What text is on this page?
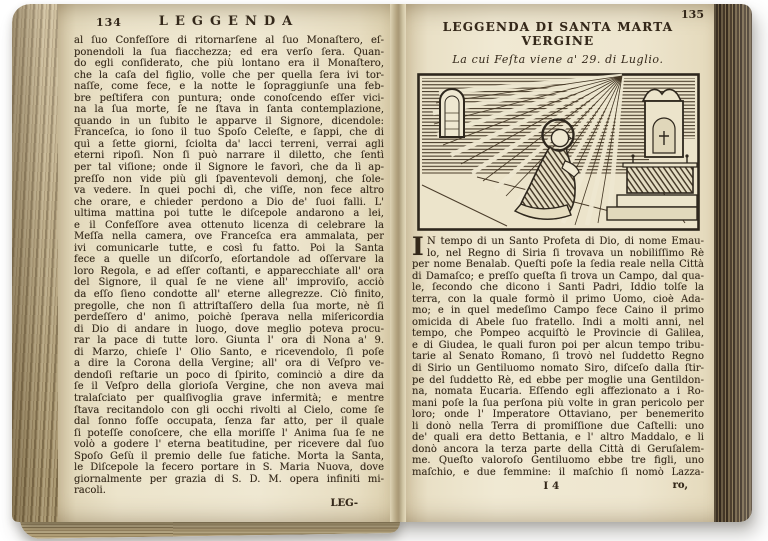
134	LEGGENDA
al ſuo Confeſſore di ritornarſene al ſuo Monaſtero, eſ-
ponendoli la ſua fiacchezza; ed era verſo ſera. Quan-
do egli conſiderato, che più lontano era il Monaſtero,
che la caſa del figlio, volle che per quella ſera ivi tor-
naſſe, come fece, e la notte le ſopraggiunſe una feb-
bre peſtifera con puntura; onde conoſcendo eſſer vici-
na la ſua morte, ſe ne ſtava in ſanta contemplazione,
quando in un ſubito le apparve il Signore, dicendole:
Franceſca, io ſono il tuo Spoſo Celeſte, e ſappi, che di
quì a ſette giorni, ſciolta da' lacci terreni, verrai agli
eterni ripoſi. Non ſi può narrare il diletto, che ſentì
per tal viſione; onde il Signore le favorì, che da lì ap-
preſſo non vide più gli ſpaventevoli demonj, che ſole-
va vedere. In quei pochi dì, che viſſe, non fece altro
che orare, e chieder perdono a Dio de' ſuoi falli. L'
ultima mattina poi tutte le diſcepole andarono a lei,
e il Confeſſore avea ottenuto licenza di celebrare la
Meſſa nella camera, ove Franceſca era ammalata, per
ivi comunicarle tutte, e così fu fatto. Poi la Santa
fece a quelle un diſcorſo, eſortandole ad oſſervare la
loro Regola, e ad eſſer coſtanti, e apparecchiate all' ora
del Signore, il qual ſe ne viene all' improviſo, acciò
da eſſo ſieno condotte all' eterne allegrezze. Ciò finito,
pregolle, che non ſi attriſtaſſero della ſua morte, nè ſi
perdeſſero d' animo, poichè ſperava nella miſericordia
di Dio di andare in luogo, dove meglio poteva procu-
rar la pace di tutte loro. Giunta l' ora di Nona a' 9.
di Marzo, chieſe l' Olio Santo, e ricevendolo, ſi poſe
a dire la Corona della Vergine; all' ora di Veſpro ve-
dendoſi reſtarie un poco di ſpirito, cominciò a dire da
ſe il Veſpro della glorioſa Vergine, che non aveva mai
tralaſciato per qualſivoglia grave infermità; e mentre
ſtava recitandolo con gli occhi rivolti al Cielo, come ſe
dal ſonno foſſe occupata, ſenza far atto, per il quale
ſi poteſſe conoſcere, che ella moriſſe l' Anima ſua ſe ne
volò a godere l' eterna beatitudine, per ricevere dal ſuo
Spoſo Geſù il premio delle ſue fatiche. Morta la Santa,
le Diſcepole la fecero portare in S. Maria Nuova, dove
giornalmente per grazia di S. D. M. opera infiniti mi-
racoli.
LEG-
135
LEGGENDA DI SANTA MARTA VERGINE
La cui Feſta viene a' 29. di Luglio.
I N tempo di un Santo Profeta di Dio, di nome Emau-
lo, nel Regno di Siria ſi trovava un nobiliſſimo Rè
per nome Benalab. Queſti poſe la ſedia reale nella Città
di Damaſco; e preſſo queſta ſi trova un Campo, dal qua-
le, ſecondo che dicono i Santi Padri, Iddio tolſe la
terra, con la quale formò il primo Uomo, cioè Ada-
mo; e in quel medeſimo Campo fece Caino il primo
omicida di Abele ſuo fratello. Indi a molti anni, nel
tempo, che Pompeo acquiſtò le Provincie di Galilea,
e di Giudea, le quali furon poi per alcun tempo tribu-
tarie al Senato Romano, ſi trovò nel ſuddetto Regno
di Sirio un Gentiluomo nomato Siro, diſceſo dalla ſtir-
pe del ſuddetto Rè, ed ebbe per moglie una Gentildon-
na, nomata Eucaria. Eſſendo egli affezionato a i Ro-
mani poſe la ſua perſona più volte in gran pericolo per
loro; onde l' Imperatore Ottaviano, per benemerito
li donò nella Terra di promiſſione due Caſtelli: uno
de' quali era detto Bettania, e l' altro Maddalo, e li
donò ancora la terza parte della Città di Geruſalem-
me. Queſto valoroſo Gentiluomo ebbe tre figli, uno
maſchio, e due femmine: il maſchio ſi nomò Lazza-
I 4	ro,
